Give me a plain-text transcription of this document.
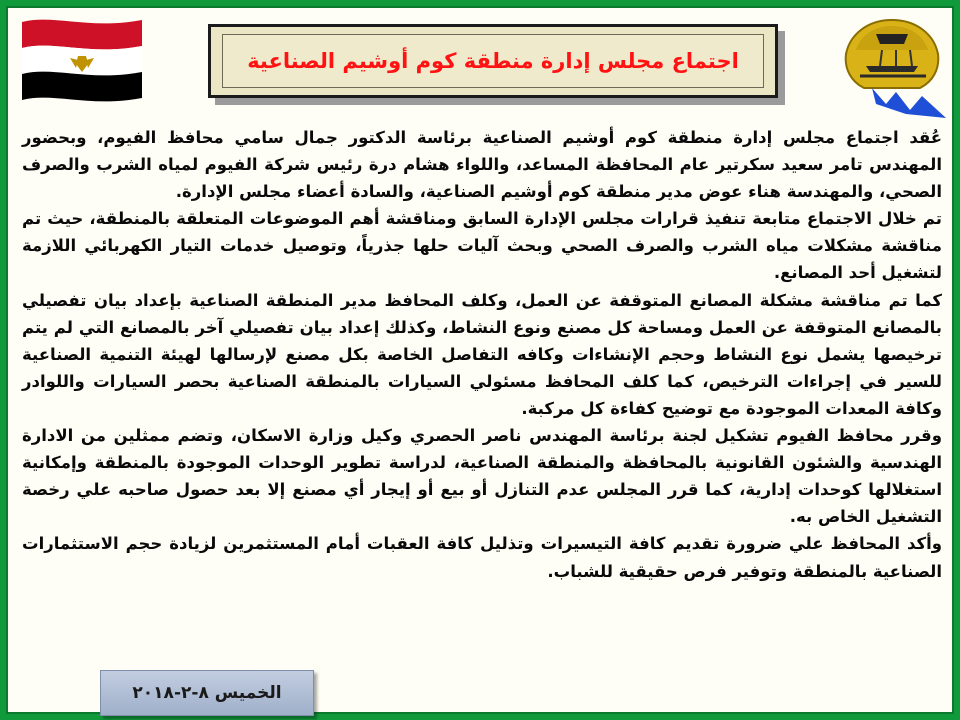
اجتماع مجلس إدارة منطقة كوم أوشيم الصناعية

عُقد اجتماع مجلس إدارة منطقة كوم أوشيم الصناعية برئاسة الدكتور جمال سامي محافظ الفيوم، وبحضور المهندس تامر سعيد سكرتير عام المحافظة المساعد، واللواء هشام درة رئيس شركة الفيوم لمياه الشرب والصرف الصحي، والمهندسة هناء عوض مدير منطقة كوم أوشيم الصناعية، والسادة أعضاء مجلس الإدارة.

تم خلال الاجتماع متابعة تنفيذ قرارات مجلس الإدارة السابق ومناقشة أهم الموضوعات المتعلقة بالمنطقة، حيث تم مناقشة مشكلات مياه الشرب والصرف الصحي وبحث آليات حلها جذرياً، وتوصيل خدمات التيار الكهربائي اللازمة لتشغيل أحد المصانع.

كما تم مناقشة مشكلة المصانع المتوقفة عن العمل، وكلف المحافظ مدير المنطقة الصناعية بإعداد بيان تفصيلي بالمصانع المتوقفة عن العمل ومساحة كل مصنع ونوع النشاط، وكذلك إعداد بيان تفصيلي آخر بالمصانع التي لم يتم ترخيصها يشمل نوع النشاط وحجم الإنشاءات وكافه التفاصل الخاصة بكل مصنع لإرسالها لهيئة التنمية الصناعية للسير في إجراءات الترخيص، كما كلف المحافظ مسئولي السيارات بالمنطقة الصناعية بحصر السيارات واللوادر وكافة المعدات الموجودة مع توضيح كفاءة كل مركبة.

وقرر محافظ الفيوم تشكيل لجنة برئاسة المهندس ناصر الحصري وكيل وزارة الاسكان، وتضم ممثلين من الادارة الهندسية والشئون القانونية بالمحافظة والمنطقة الصناعية، لدراسة تطوير الوحدات الموجودة بالمنطقة وإمكانية استغلالها كوحدات إدارية، كما قرر المجلس عدم التنازل أو بيع أو إيجار أي مصنع إلا بعد حصول صاحبه علي رخصة التشغيل الخاص به.

وأكد المحافظ علي ضرورة تقديم كافة التيسيرات وتذليل كافة العقبات أمام المستثمرين لزيادة حجم الاستثمارات الصناعية بالمنطقة وتوفير فرص حقيقية للشباب.

الخميس ٨-٢-٢٠١٨
